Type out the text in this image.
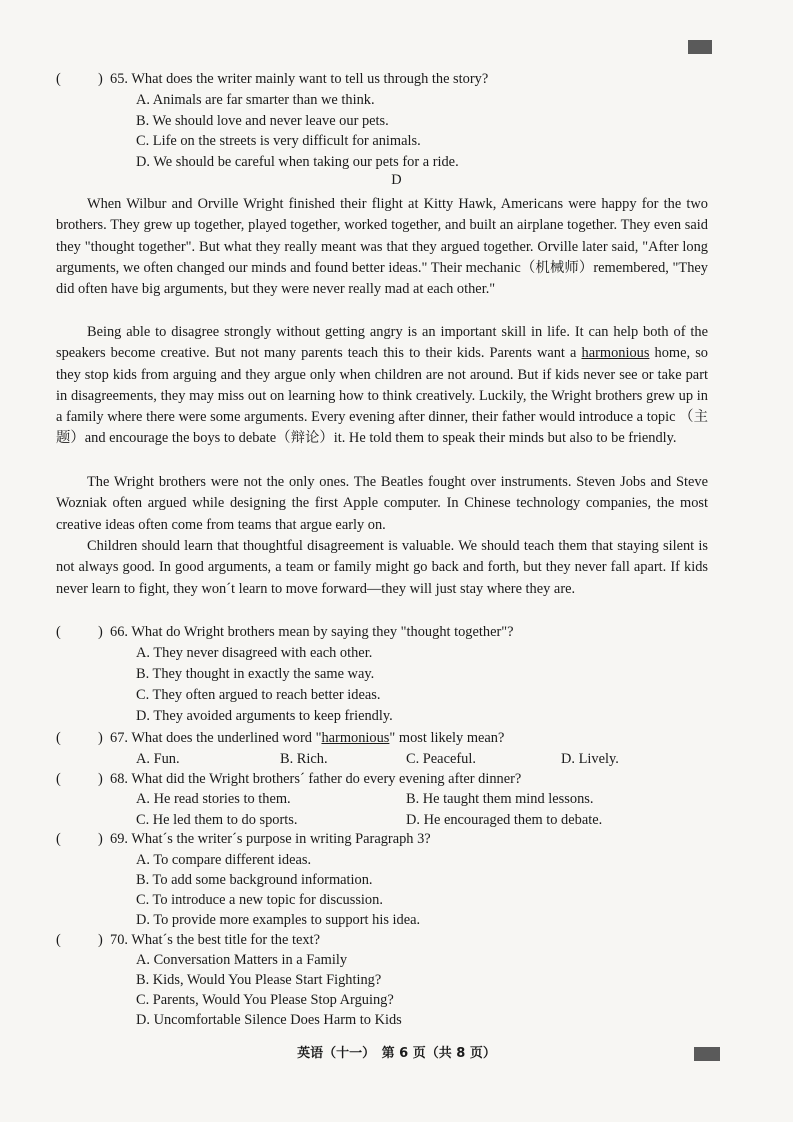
(	) 65. What does the writer mainly want to tell us through the story?
A. Animals are far smarter than we think.
B. We should love and never leave our pets.
C. Life on the streets is very difficult for animals.
D. We should be careful when taking our pets for a ride.
D

When Wilbur and Orville Wright finished their flight at Kitty Hawk, Americans were happy for the two brothers. They grew up together, played together, worked together, and built an airplane together. They even said they "thought together". But what they really meant was that they argued together. Orville later said, "After long arguments, we often changed our minds and found better ideas." Their mechanic（机械师）remembered, "They did often have big arguments, but they were never really mad at each other."

Being able to disagree strongly without getting angry is an important skill in life. It can help both of the speakers become creative. But not many parents teach this to their kids. Parents want a harmonious home, so they stop kids from arguing and they argue only when children are not around. But if kids never see or take part in disagreements, they may miss out on learning how to think creatively. Luckily, the Wright brothers grew up in a family where there were some arguments. Every evening after dinner, their father would introduce a topic （主题）and encourage the boys to debate（辩论）it. He told them to speak their minds but also to be friendly.

The Wright brothers were not the only ones. The Beatles fought over instruments. Steven Jobs and Steve Wozniak often argued while designing the first Apple computer. In Chinese technology companies, the most creative ideas often come from teams that argue early on.

Children should learn that thoughtful disagreement is valuable. We should teach them that staying silent is not always good. In good arguments, a team or family might go back and forth, but they never fall apart. If kids never learn to fight, they won´t learn to move forward—they will just stay where they are.

(	) 66. What do Wright brothers mean by saying they "thought together"?
A. They never disagreed with each other.
B. They thought in exactly the same way.
C. They often argued to reach better ideas.
D. They avoided arguments to keep friendly.
(	) 67. What does the underlined word "harmonious" most likely mean?
A. Fun.	B. Rich.	C. Peaceful.	D. Lively.
(	) 68. What did the Wright brothers´ father do every evening after dinner?
A. He read stories to them.	B. He taught them mind lessons.
C. He led them to do sports.	D. He encouraged them to debate.
(	) 69. What´s the writer´s purpose in writing Paragraph 3?
A. To compare different ideas.
B. To add some background information.
C. To introduce a new topic for discussion.
D. To provide more examples to support his idea.
(	) 70. What´s the best title for the text?
A. Conversation Matters in a Family
B. Kids, Would You Please Start Fighting?
C. Parents, Would You Please Stop Arguing?
D. Uncomfortable Silence Does Harm to Kids
英语（十一）　第 6 页（共 8 页）
